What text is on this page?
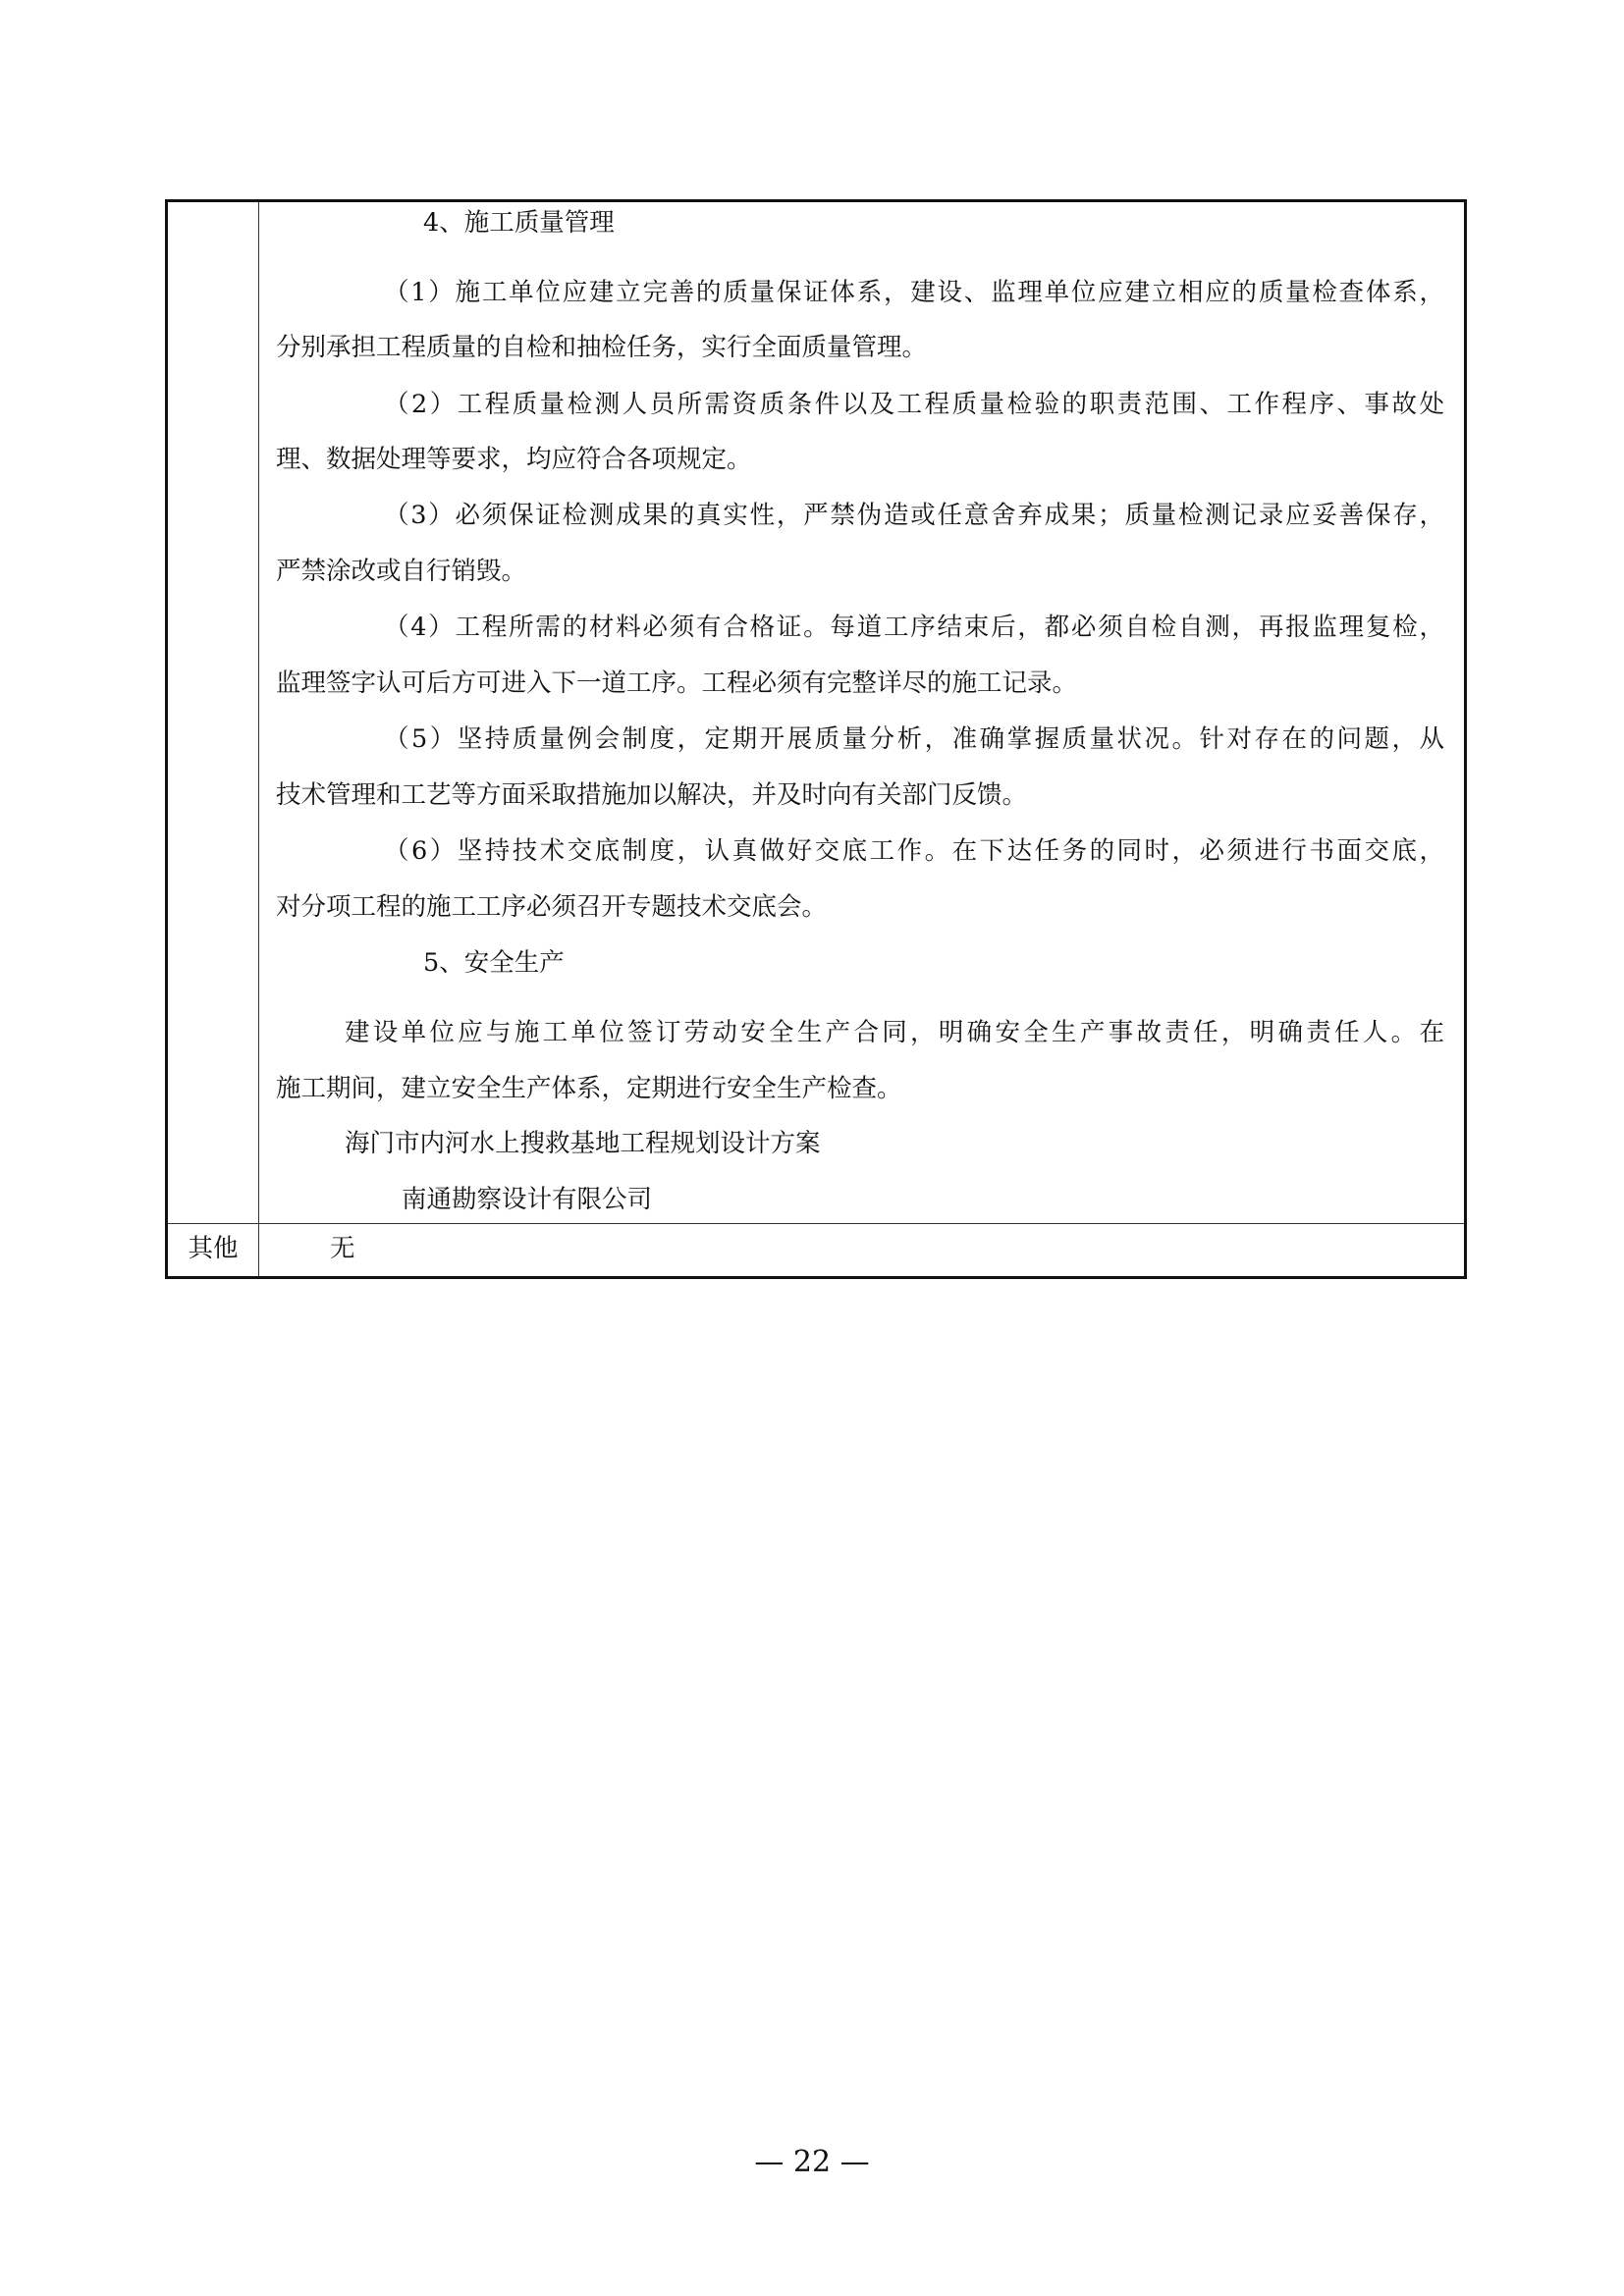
4、施工质量管理
（1）施工单位应建立完善的质量保证体系，建设、监理单位应建立相应的质量检查体系，
分别承担工程质量的自检和抽检任务，实行全面质量管理。
（2）工程质量检测人员所需资质条件以及工程质量检验的职责范围、工作程序、事故处
理、数据处理等要求，均应符合各项规定。
（3）必须保证检测成果的真实性，严禁伪造或任意舍弃成果；质量检测记录应妥善保存，
严禁涂改或自行销毁。
（4）工程所需的材料必须有合格证。每道工序结束后，都必须自检自测，再报监理复检，
监理签字认可后方可进入下一道工序。工程必须有完整详尽的施工记录。
（5）坚持质量例会制度，定期开展质量分析，准确掌握质量状况。针对存在的问题，从
技术管理和工艺等方面采取措施加以解决，并及时向有关部门反馈。
（6）坚持技术交底制度，认真做好交底工作。在下达任务的同时，必须进行书面交底，
对分项工程的施工工序必须召开专题技术交底会。
5、安全生产
建设单位应与施工单位签订劳动安全生产合同，明确安全生产事故责任，明确责任人。在
施工期间，建立安全生产体系，定期进行安全生产检查。
海门市内河水上搜救基地工程规划设计方案
南通勘察设计有限公司
其他	无
— 22 —
